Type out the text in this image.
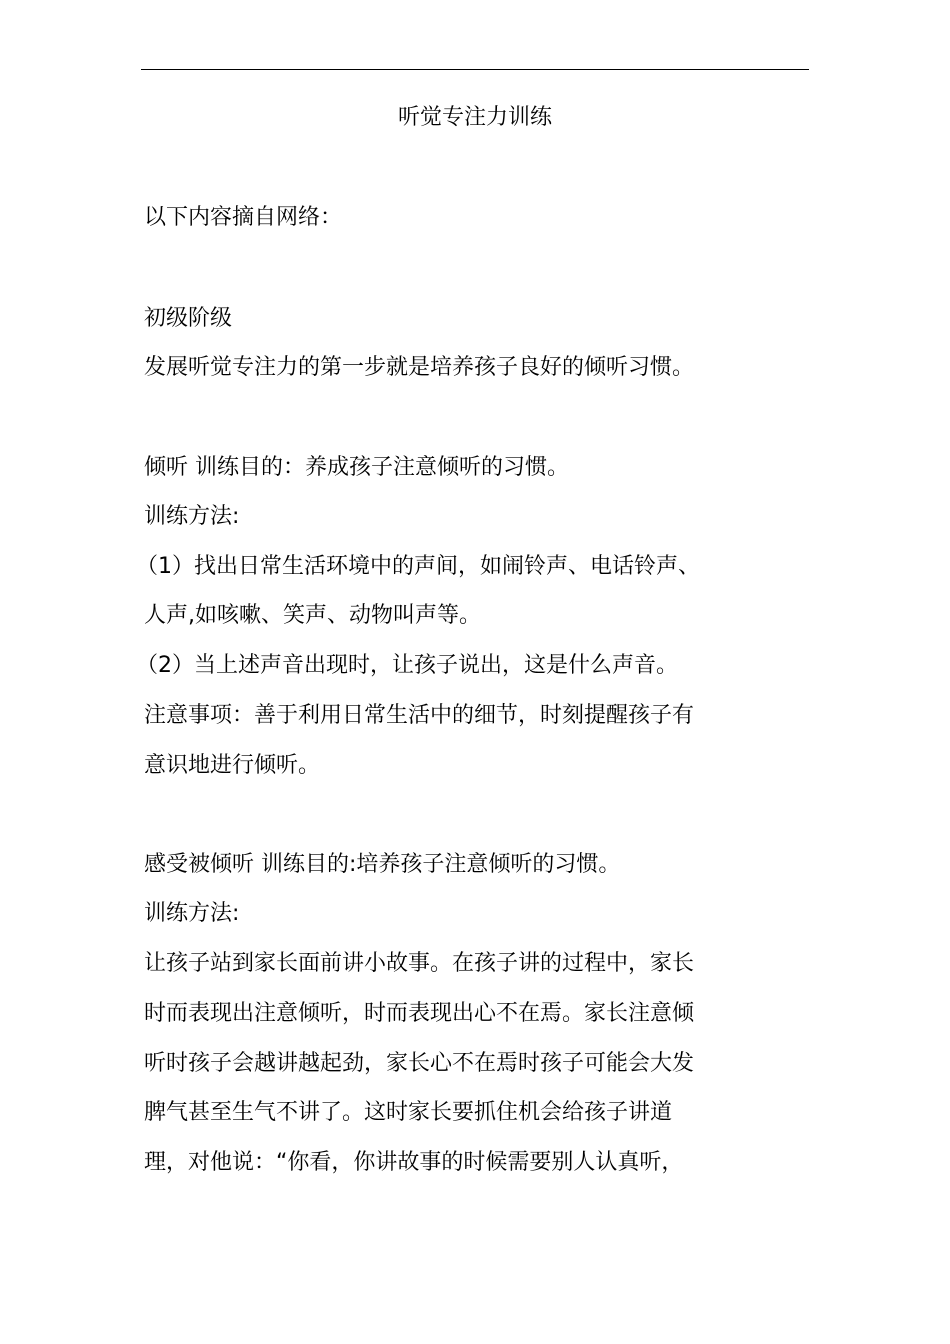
听觉专注力训练
以下内容摘自网络：
初级阶级
发展听觉专注力的第一步就是培养孩子良好的倾听习惯。
倾听 训练目的：养成孩子注意倾听的习惯。
训练方法:
（1）找出日常生活环境中的声间，如闹铃声、电话铃声、
人声,如咳嗽、笑声、动物叫声等。
（2）当上述声音出现时，让孩子说出，这是什么声音。
注意事项：善于利用日常生活中的细节，时刻提醒孩子有
意识地进行倾听。
感受被倾听 训练目的:培养孩子注意倾听的习惯。
训练方法:
让孩子站到家长面前讲小故事。在孩子讲的过程中，家长
时而表现出注意倾听，时而表现出心不在焉。家长注意倾
听时孩子会越讲越起劲，家长心不在焉时孩子可能会大发
脾气甚至生气不讲了。这时家长要抓住机会给孩子讲道
理，对他说：“你看，你讲故事的时候需要别人认真听，
